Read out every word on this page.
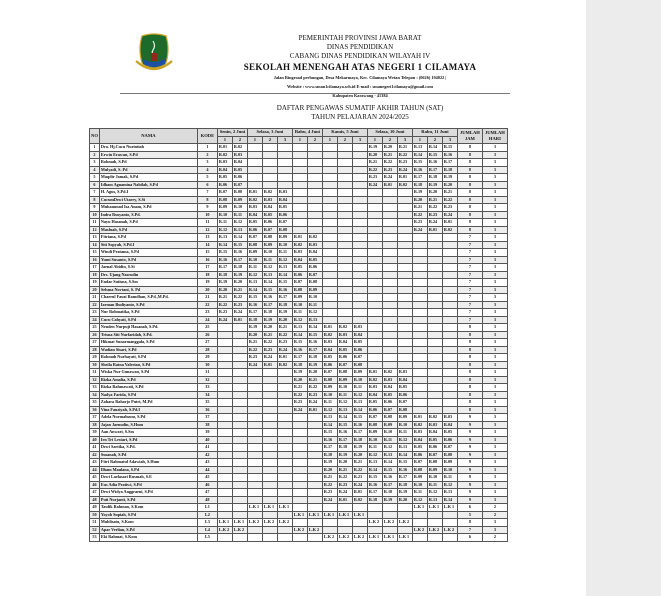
PEMERINTAH PROVINSI JAWA BARAT
DINAS PENDIDIKAN
CABANG DINAS PENDIDIKAN WILAYAH IV
SEKOLAH MENENGAH ATAS NEGERI 1 CILAMAYA
Jalan Ringroad perbungan, Desa Mekarmaya, Kec. Cilamaya Wetan Telepon : (0626) 194022 |
Website : www.sman1cilamaya.sch.id E-mail : smanegeri1cilamaya@gmail.com
Kabupaten Karawang - 41384
DAFTAR PENGAWAS SUMATIF AKHIR TAHUN (SAT)
TAHUN PELAJARAN 2024/2025
NO	NAMA	KODE	Senin, 2 Juni		Selasa, 3 Juni			Rabu, 4 Juni		Kamis, 5 Juni			Selasa, 10 Juni			Rabu, 11 Juni			JUMLAH JAM	JUMLAH HARI
			1	2	1	2	3	1	2	1	2	3	1	2	3	1	2	3		
1	Dra. Hj.Cucu Nurintiah	1	R.01	R.02									R.19	R.20	R.21	R.13	R.14	R.15	8	3
2	Erwin Erawan, S.Pd	2	R.02	R.03									R.20	R.21	R.22	R.14	R.15	R.16	8	3
3	Rohmah, S.Pd	3	R.03	R.04									R.21	R.22	R.23	R.15	R.16	R.17	8	3
4	Mulyadi, S. Pd	4	R.04	R.05									R.22	R.23	R.24	R.16	R.17	R.18	8	3
5	Maqdir Jamak, S.Pd	5	R.05	R.06									R.23	R.24	R.01	R.17	R.18	R.19	8	3
6	Idham Agnamina Nabilah, S.Pd	6	R.06	R.07									R.24	R.01	R.02	R.18	R.19	R.20	8	3
7	H. Agus, S.Pd.I	7	R.07	R.08	R.01	R.02	R.03									R.19	R.20	R.21	8	3
8	CucumDewi Utarry, S.Si	8	R.08	R.09	R.02	R.03	R.04									R.20	R.21	R.22	8	3
9	Muhammad Isa Anam, S.Pd	9	R.09	R.10	R.03	R.04	R.05									R.21	R.22	R.23	8	3
10	Indra Rusyanto, S.Pd.	10	R.10	R.11	R.04	R.05	R.06									R.22	R.23	R.24	8	3
11	Nayu Hasanah, S.Pd	11	R.11	R.12	R.05	R.06	R.07									R.23	R.24	R.01	8	3
12	Masfuah, S.Pd	12	R.12	R.13	R.06	R.07	R.08									R.24	R.01	R.02	8	3
13	Fitriana, S.Pd	13	R.13	R.14	R.07	R.08	R.09	R.01	R.02										7	3
14	Siti Sopyah, S.Pd.I	14	R.14	R.15	R.08	R.09	R.10	R.02	R.03										7	3
15	Windi Pratama, S.Pd	15	R.15	R.16	R.09	R.10	R.11	R.03	R.04										7	3
16	Yumi Susanto, S.Pd	16	R.16	R.17	R.10	R.11	R.12	R.04	R.05										7	3
17	Jaenal Abidin, S.Si	17	R.17	R.18	R.11	R.12	R.13	R.05	R.06										7	3
18	Drs. Ujang Nasrudin	18	R.18	R.19	R.12	R.13	R.14	R.06	R.07										7	3
19	Endar Sutisna, S.Sos	19	R.19	R.20	R.13	R.14	R.15	R.07	R.08										7	3
20	Selsma Novtani, S. Pd	20	R.20	R.21	R.14	R.15	R.16	R.08	R.09										7	3
21	Chaerul Fauzi Ramdhan, S.Pd.,M.Pd.	21	R.21	R.22	R.15	R.16	R.17	R.09	R.10										7	3
22	Iarman Budiyanto, S.Pd	22	R.22	R.23	R.16	R.17	R.18	R.10	R.11										7	3
23	Nur Rohmatika, S.Pd	23	R.23	R.24	R.17	R.18	R.19	R.11	R.12										7	3
24	Cucu Cahyati, S.Pd	24	R.24	R.01	R.18	R.19	R.20	R.12	R.13										7	3
25	Nenden Nurpuji Hasanah, S.Pd.	25			R.19	R.20	R.21	R.13	R.14	R.01	R.02	R.03							8	3
26	Trisna Siti Nurfaridah, S.Pd.	26			R.20	R.21	R.22	R.14	R.15	R.02	R.03	R.04							8	3
27	Hikmat Sunarmanggala, S.Pd	27			R.21	R.22	R.23	R.15	R.16	R.03	R.04	R.05							8	3
28	Wadian Sisari, S.Pd	28			R.22	R.23	R.24	R.16	R.17	R.04	R.05	R.06							8	3
29	Rohmah Nurhayati, S.Pd	29			R.23	R.24	R.01	R.17	R.18	R.05	R.06	R.07							8	3
30	Sheila Ratna Valerian, S.Pd	30			R.24	R.01	R.02	R.18	R.19	R.06	R.07	R.08							8	3
31	Wiska Nur Gunawan, S.Pd	31						R.19	R.20	R.07	R.08	R.09	R.01	R.02	R.03				8	3
32	Rizka Amalia, S.Pd	32						R.20	R.21	R.08	R.09	R.10	R.02	R.03	R.04				8	3
33	Rizka Rahmawati, S.Pd	33						R.21	R.22	R.09	R.10	R.11	R.03	R.04	R.05				8	3
34	Nadya Farida, S.Pd	34						R.22	R.23	R.10	R.11	R.12	R.04	R.05	R.06				8	3
35	Zahara Raharjo Putri, M.Pd	35						R.23	R.24	R.11	R.12	R.13	R.05	R.06	R.07				8	3
36	Vina Fauziyah, S.Pd.I	36						R.24	R.01	R.12	R.13	R.14	R.06	R.07	R.08				8	3
37	Adela Nurmahsum, S.Pd	37								R.13	R.14	R.15	R.07	R.08	R.09	R.01	R.02	R.03	9	3
38	Jajan Jaenudin, S.Hum	38								R.14	R.15	R.16	R.08	R.09	R.10	R.02	R.03	R.04	9	3
39	Aan Anwari, S.Sos	39								R.15	R.16	R.17	R.09	R.10	R.11	R.03	R.04	R.05	9	3
40	Irn Tri Lestari, S.Pd	40								R.16	R.17	R.18	R.10	R.11	R.12	R.04	R.05	R.06	9	3
41	Dewi Sartika, S.Pd.	41								R.17	R.18	R.19	R.11	R.12	R.13	R.05	R.06	R.07	9	3
42	Susanah, S.Pd	42								R.18	R.19	R.20	R.12	R.13	R.14	R.06	R.07	R.08	9	3
43	Fitri Rahmatul Adawiah, S.Hum	43								R.19	R.20	R.21	R.13	R.14	R.15	R.07	R.08	R.09	9	3
44	Ilham Maulana, S.Pd	44								R.20	R.21	R.22	R.14	R.15	R.16	R.08	R.09	R.10	9	3
45	Dewi Laelasari Rusmah, S.E	45								R.21	R.22	R.23	R.15	R.16	R.17	R.09	R.10	R.11	9	3
46	Eus Adia Pratiwi, S.Pd	46								R.22	R.23	R.24	R.16	R.17	R.18	R.10	R.11	R.12	9	3
47	Dewi Widya Anggraeni, S.Pd	47								R.23	R.24	R.01	R.17	R.18	R.19	R.11	R.12	R.13	9	3
48	Puti Nurjanti, S.Pd	48								R.24	R.01	R.02	R.18	R.19	R.20	R.12	R.13	R.14	9	3
49	Taufik Rahman, S.Kom	L1			L.K 1	L.K 1	L.K 1									L.K 1	L.K 1	L.K 1	6	2
50	Yoyoh Supiah, S.Pd	L2						L.K 1	L.K 1	L.K 1	L.K 1	L.K 1							5	2
51	Muhlisatu, S.Kom	L3	L.K 1	L.K 1	L.K 2	L.K 2	L.K 2						L.K 2	L.K 2	L.K 2				8	3
52	Apar Verlian, S.Pd	L4	L.K 2	L.K 2				L.K 2	L.K 2							L.K 2	L.K 2	L.K 2	7	3
53	Eki Rahmat, S.Kom	L5								L.K 2	L.K 2	L.K 2	L.K 1	L.K 1	L.K 1				6	2
